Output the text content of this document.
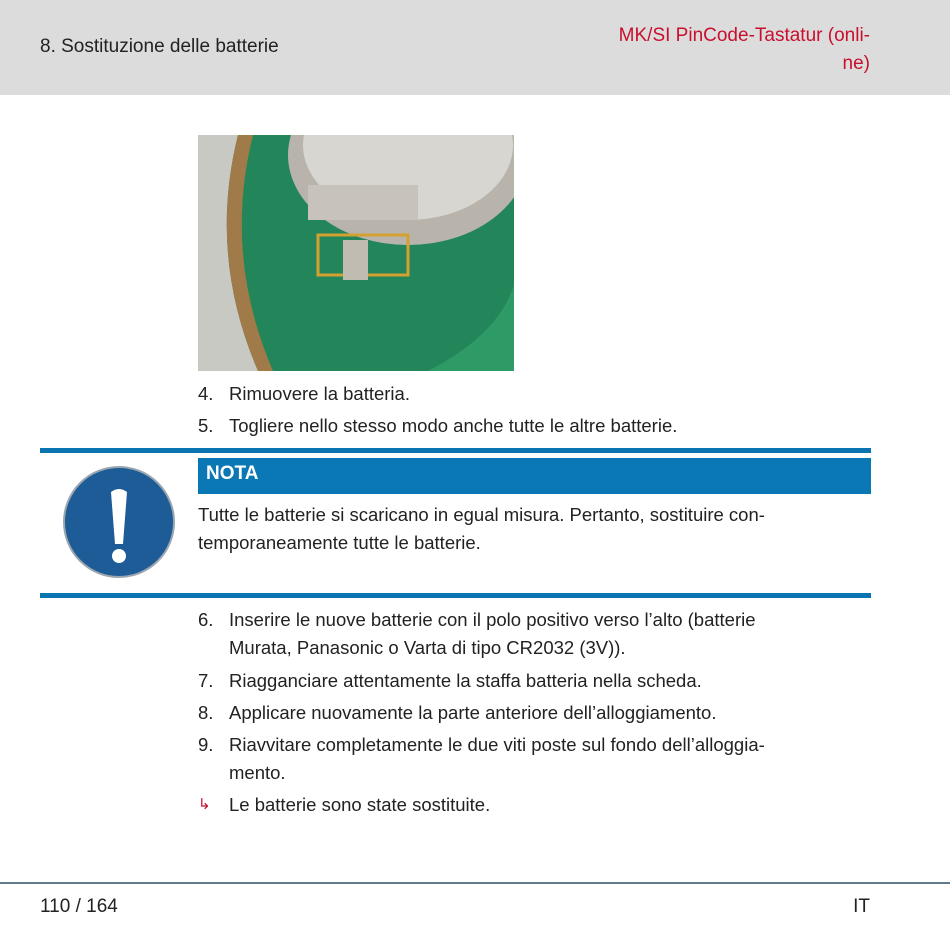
8. Sostituzione delle batterie
MK/SI PinCode-Tastatur (onli-
ne)
4. Rimuovere la batteria.
5. Togliere nello stesso modo anche tutte le altre batterie.
NOTA
Tutte le batterie si scaricano in egual misura. Pertanto, sostituire con-
temporaneamente tutte le batterie.
6. Inserire le nuove batterie con il polo positivo verso l’alto (batterie
Murata, Panasonic o Varta di tipo CR2032 (3V)).
7. Riagganciare attentamente la staffa batteria nella scheda.
8. Applicare nuovamente la parte anteriore dell’alloggiamento.
9. Riavvitare completamente le due viti poste sul fondo dell’alloggia-
mento.
↳ Le batterie sono state sostituite.
110 / 164	IT
